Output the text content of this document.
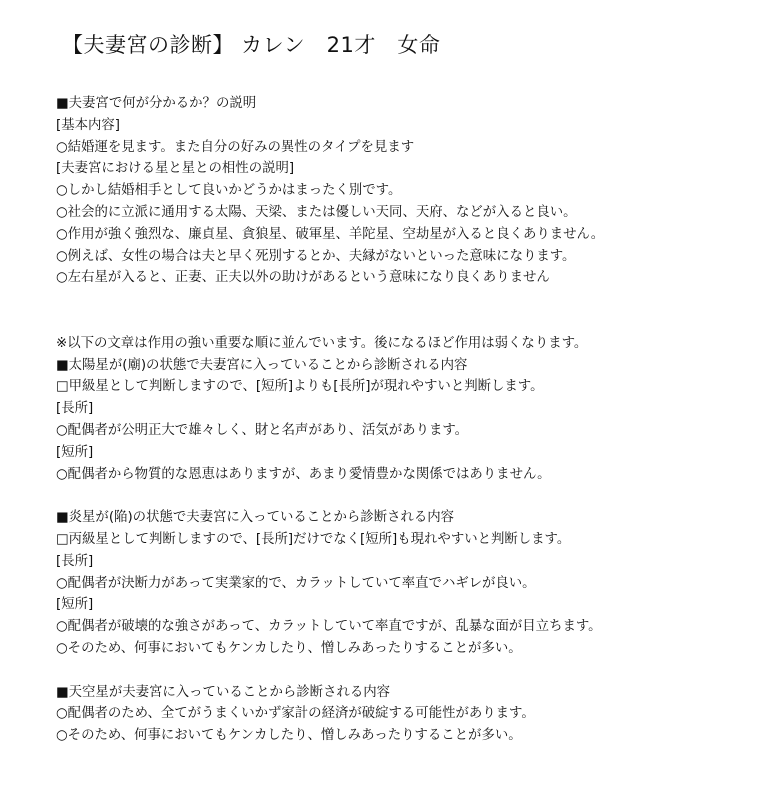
【夫妻宮の診断】 カレン　21才　女命
■夫妻宮で何が分かるか？の説明
[基本内容]
○結婚運を見ます。また自分の好みの異性のタイプを見ます
[夫妻宮における星と星との相性の説明]
○しかし結婚相手として良いかどうかはまったく別です。
○社会的に立派に通用する太陽、天梁、または優しい天同、天府、などが入ると良い。
○作用が強く強烈な、廉貞星、貪狼星、破軍星、羊陀星、空劫星が入ると良くありません。
○例えば、女性の場合は夫と早く死別するとか、夫縁がないといった意味になります。
○左右星が入ると、正妻、正夫以外の助けがあるという意味になり良くありません
※以下の文章は作用の強い重要な順に並んでいます。後になるほど作用は弱くなります。
■太陽星が(廟)の状態で夫妻宮に入っていることから診断される内容
□甲級星として判断しますので、[短所]よりも[長所]が現れやすいと判断します。
[長所]
○配偶者が公明正大で雄々しく、財と名声があり、活気があります。
[短所]
○配偶者から物質的な恩恵はありますが、あまり愛情豊かな関係ではありません。
■炎星が(陥)の状態で夫妻宮に入っていることから診断される内容
□丙級星として判断しますので、[長所]だけでなく[短所]も現れやすいと判断します。
[長所]
○配偶者が決断力があって実業家的で、カラットしていて率直でハギレが良い。
[短所]
○配偶者が破壊的な強さがあって、カラットしていて率直ですが、乱暴な面が目立ちます。
○そのため、何事においてもケンカしたり、憎しみあったりすることが多い。
■天空星が夫妻宮に入っていることから診断される内容
○配偶者のため、全てがうまくいかず家計の経済が破綻する可能性があります。
○そのため、何事においてもケンカしたり、憎しみあったりすることが多い。
